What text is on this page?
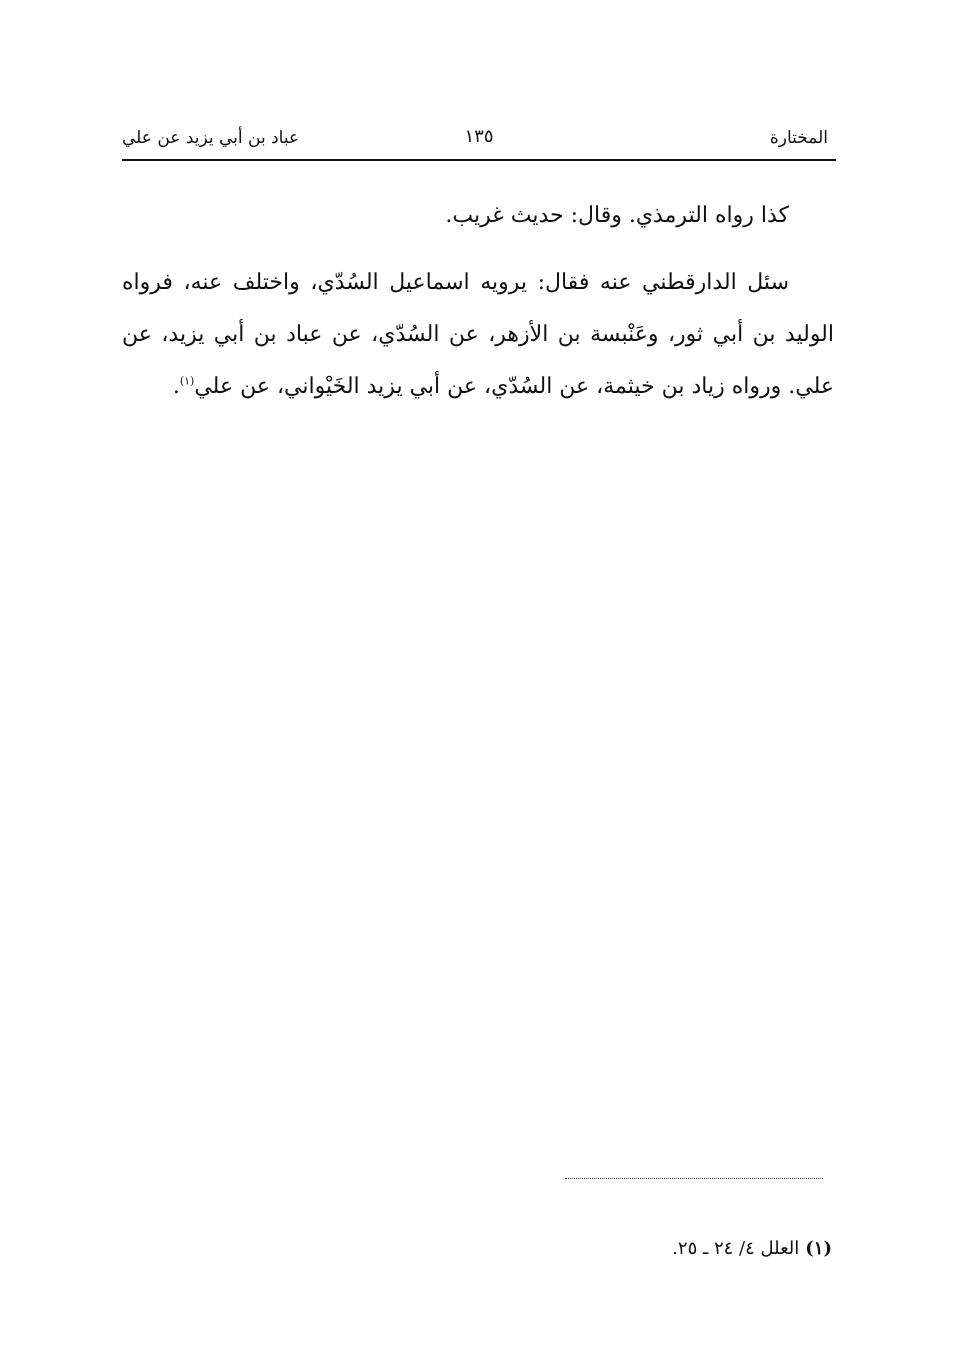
المختارة
١٣٥
عباد بن أبي يزيد عن علي

كذا رواه الترمذي. وقال: حديث غريب.

سئل الدارقطني عنه فقال: يرويه اسماعيل السُدّي، واختلف عنه، فرواه الوليد بن أبي ثور، وعَنْبسة بن الأزهر، عن السُدّي، عن عباد بن أبي يزيد، عن علي. ورواه زياد بن خيثمة، عن السُدّي، عن أبي يزيد الخَيْواني، عن علي$^{(١)}$.

(١)العلل ٤/ ٢٤ ـ ٢٥.
